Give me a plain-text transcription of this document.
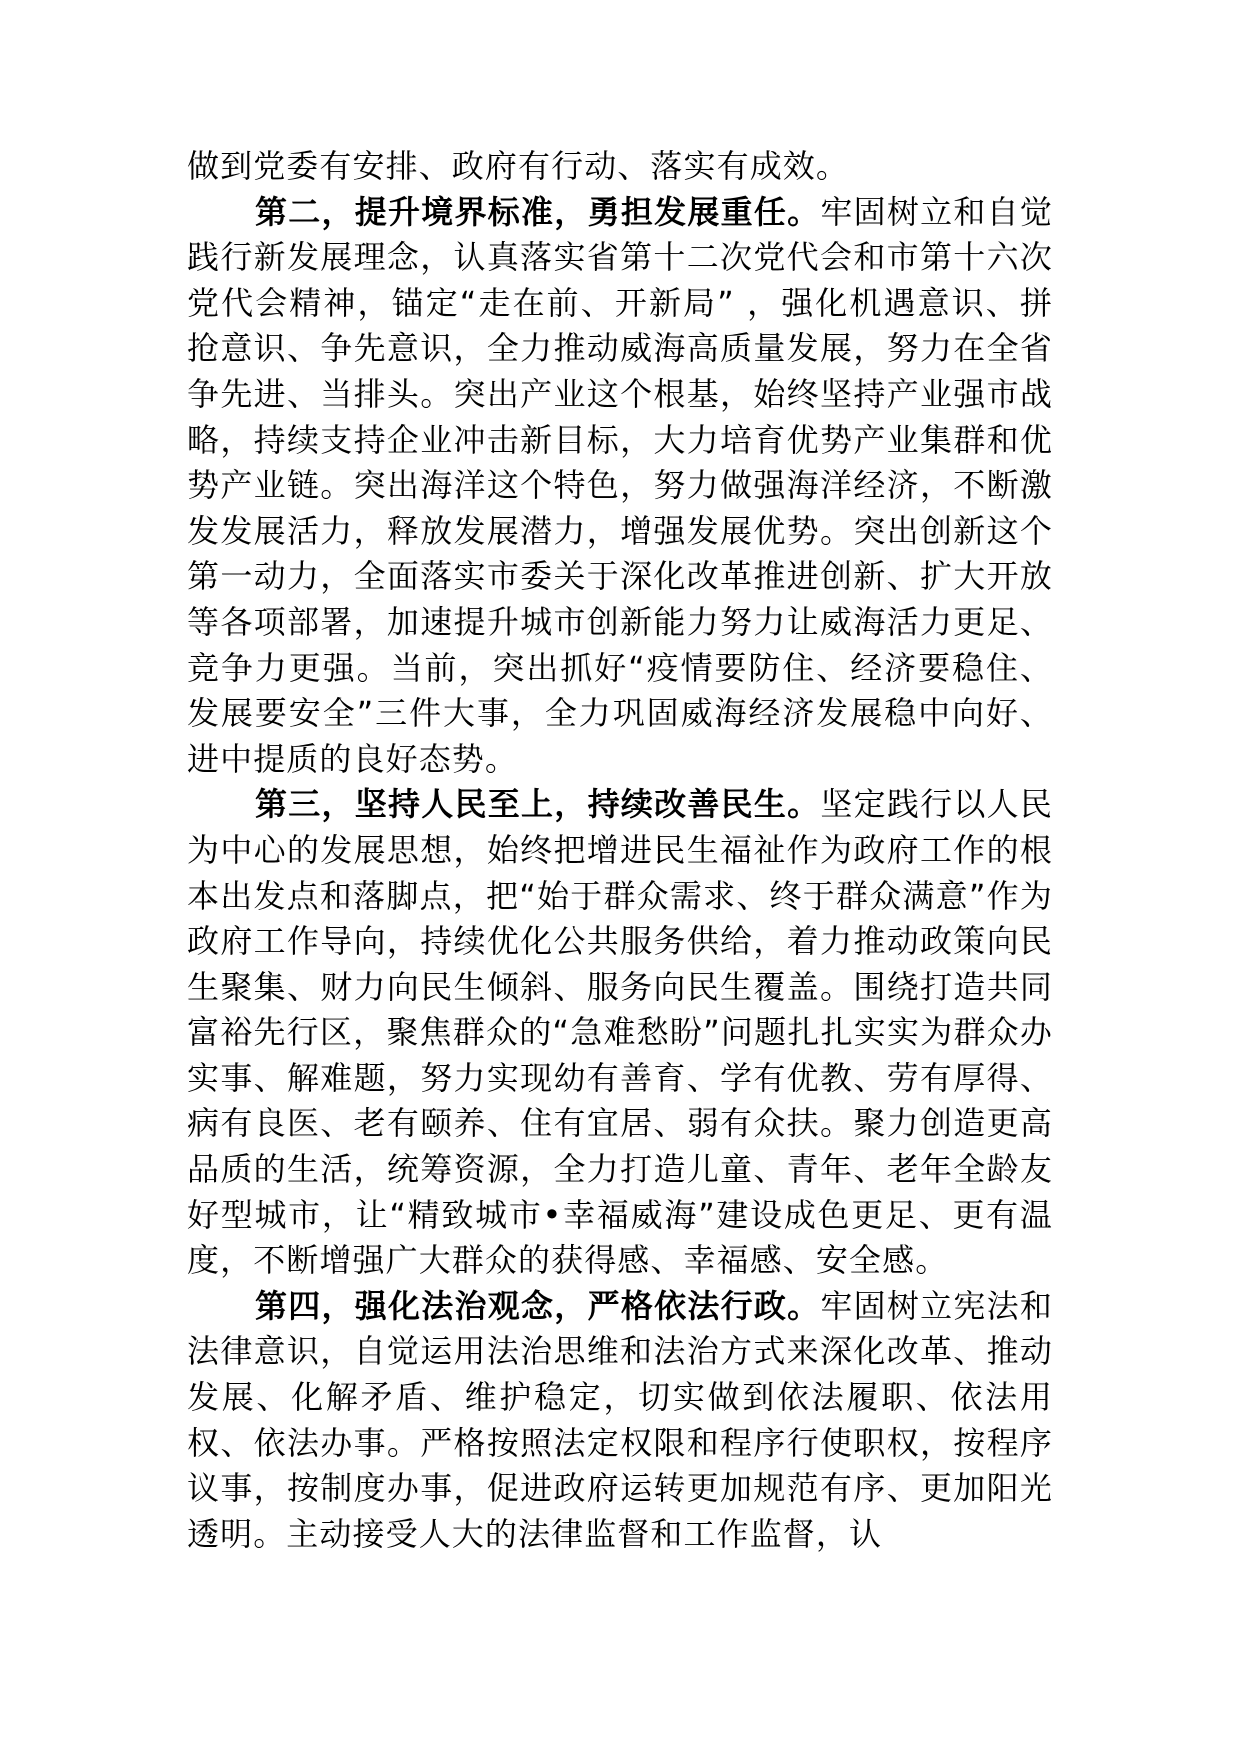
做到党委有安排、政府有行动、落实有成效。

第二，提升境界标准，勇担发展重任。牢固树立和自觉践行新发展理念，认真落实省第十二次党代会和市第十六次党代会精神，锚定“走在前、开新局” ，强化机遇意识、拼抢意识、争先意识，全力推动威海高质量发展，努力在全省争先进、当排头。突出产业这个根基，始终坚持产业强市战略，持续支持企业冲击新目标，大力培育优势产业集群和优势产业链。突出海洋这个特色，努力做强海洋经济，不断激发发展活力，释放发展潜力，增强发展优势。突出创新这个第一动力，全面落实市委关于深化改革推进创新、扩大开放等各项部署，加速提升城市创新能力努力让威海活力更足、竞争力更强。当前，突出抓好“疫情要防住、经济要稳住、发展要安全”三件大事，全力巩固威海经济发展稳中向好、进中提质的良好态势。

第三，坚持人民至上，持续改善民生。坚定践行以人民为中心的发展思想，始终把增进民生福祉作为政府工作的根本出发点和落脚点，把“始于群众需求、终于群众满意”作为政府工作导向，持续优化公共服务供给，着力推动政策向民生聚集、财力向民生倾斜、服务向民生覆盖。围绕打造共同富裕先行区，聚焦群众的“急难愁盼”问题扎扎实实为群众办实事、解难题，努力实现幼有善育、学有优教、劳有厚得、病有良医、老有颐养、住有宜居、弱有众扶。聚力创造更高品质的生活，统筹资源，全力打造儿童、青年、老年全龄友好型城市，让“精致城市•幸福威海”建设成色更足、更有温度，不断增强广大群众的获得感、幸福感、安全感。

第四，强化法治观念，严格依法行政。牢固树立宪法和法律意识，自觉运用法治思维和法治方式来深化改革、推动发展、化解矛盾、维护稳定，切实做到依法履职、依法用权、依法办事。严格按照法定权限和程序行使职权，按程序议事，按制度办事，促进政府运转更加规范有序、更加阳光透明。主动接受人大的法律监督和工作监督，认
